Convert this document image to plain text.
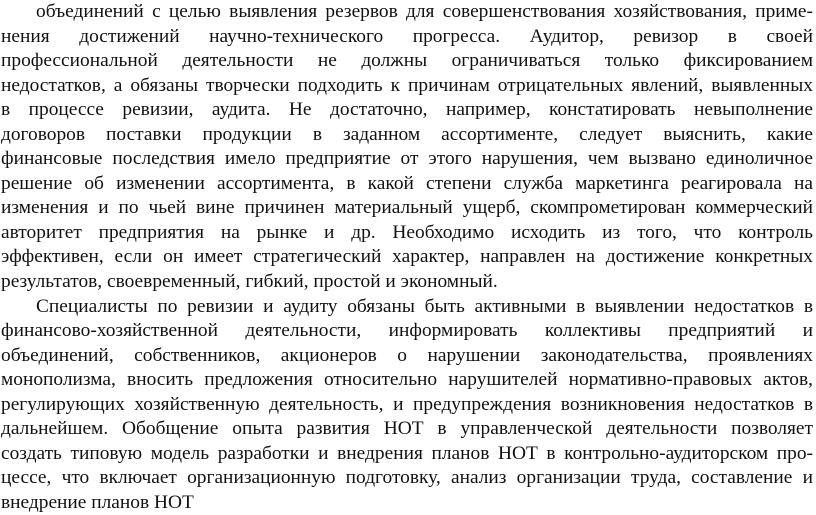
объединений с целью выявления резервов для совершенствования хозяйствования, приме-
нения достижений научно-технического прогресса. Аудитор, ревизор в своей
профессиональной деятельности не должны ограничиваться только фиксированием
недостатков, а обязаны творчески подходить к причинам отрицательных явлений, выявленных
в процессе ревизии, аудита. Не достаточно, например, констатировать невыполнение
договоров поставки продукции в заданном ассортименте, следует выяснить, какие
финансовые последствия имело предприятие от этого нарушения, чем вызвано единоличное
решение об изменении ассортимента, в какой степени служба маркетинга реагировала на
изменения и по чьей вине причинен материальный ущерб, скомпрометирован коммерческий
авторитет предприятия на рынке и др. Необходимо исходить из того, что контроль
эффективен, если он имеет стратегический характер, направлен на достижение конкретных
результатов, своевременный, гибкий, простой и экономный.
Специалисты по ревизии и аудиту обязаны быть активными в выявлении недостатков в
финансово-хозяйственной деятельности, информировать коллективы предприятий и
объединений, собственников, акционеров о нарушении законодательства, проявлениях
монополизма, вносить предложения относительно нарушителей нормативно-правовых актов,
регулирующих хозяйственную деятельность, и предупреждения возникновения недостатков в
дальнейшем. Обобщение опыта развития НОТ в управленческой деятельности позволяет
создать типовую модель разработки и внедрения планов НОТ в контрольно-аудиторском про-
цессе, что включает организационную подготовку, анализ организации труда, составление и
внедрение планов НОТ
